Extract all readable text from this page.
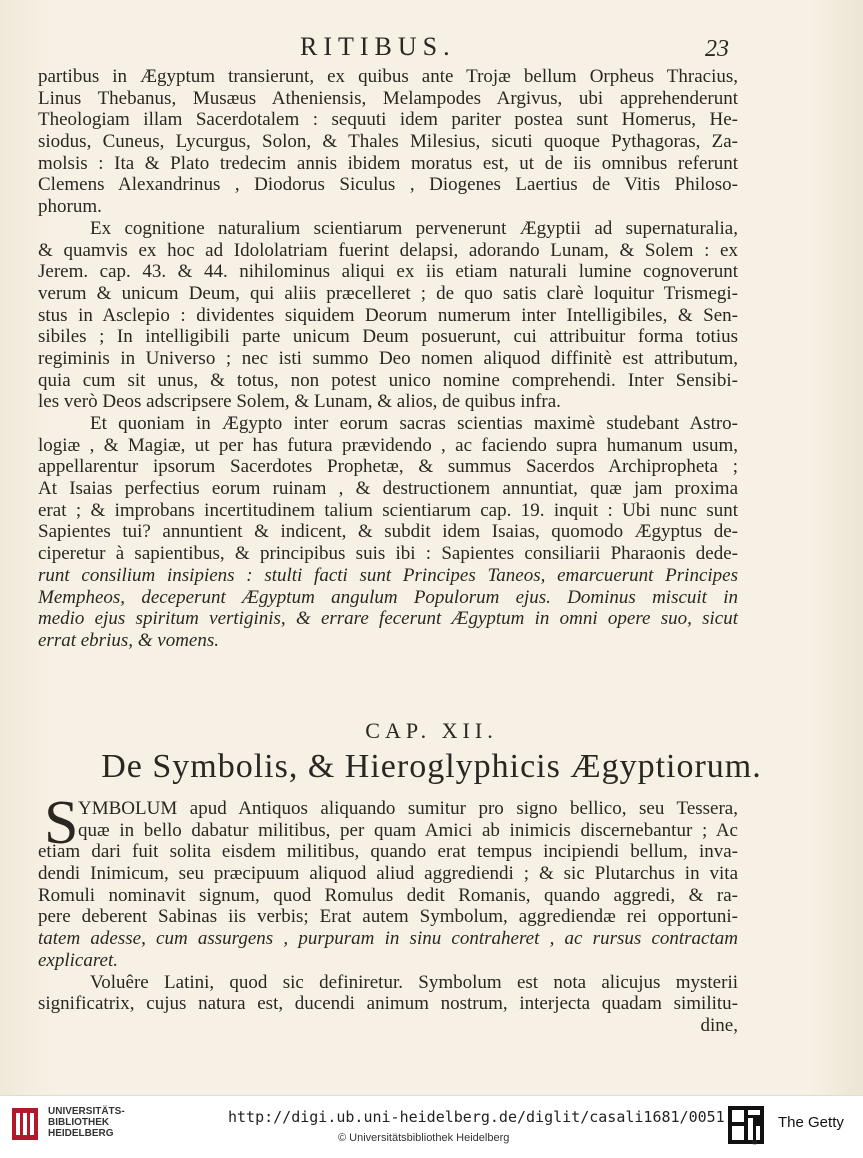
RITIBUS.	23
partibus in Ægyptum transierunt, ex quibus ante Trojæ bellum Orpheus Thracius,
Linus Thebanus, Musæus Atheniensis, Melampodes Argivus, ubi apprehenderunt
Theologiam illam Sacerdotalem : sequuti idem pariter postea sunt Homerus, He-
siodus, Cuneus, Lycurgus, Solon, & Thales Milesius, sicuti quoque Pythagoras, Za-
molsis : Ita & Plato tredecim annis ibidem moratus est, ut de iis omnibus referunt
Clemens Alexandrinus , Diodorus Siculus , Diogenes Laertius de Vitis Philoso-
phorum.
Ex cognitione naturalium scientiarum pervenerunt Ægyptii ad supernaturalia,
& quamvis ex hoc ad Idololatriam fuerint delapsi, adorando Lunam, & Solem : ex
Jerem. cap. 43. & 44. nihilominus aliqui ex iis etiam naturali lumine cognoverunt
verum & unicum Deum, qui aliis præcelleret ; de quo satis clarè loquitur Trismegi-
stus in Asclepio : dividentes siquidem Deorum numerum inter Intelligibiles, & Sen-
sibiles ; In intelligibili parte unicum Deum posuerunt, cui attribuitur forma totius
regiminis in Universo ; nec isti summo Deo nomen aliquod diffinitè est attributum,
quia cum sit unus, & totus, non potest unico nomine comprehendi. Inter Sensibi-
les verò Deos adscripsere Solem, & Lunam, & alios, de quibus infra.
Et quoniam in Ægypto inter eorum sacras scientias maximè studebant Astro-
logiæ , & Magiæ, ut per has futura prævidendo , ac faciendo supra humanum usum,
appellarentur ipsorum Sacerdotes Prophetæ, & summus Sacerdos Archipropheta ;
At Isaias perfectius eorum ruinam , & destructionem annuntiat, quæ jam proxima
erat ; & improbans incertitudinem talium scientiarum cap. 19. inquit : Ubi nunc sunt
Sapientes tui? annuntient & indicent, & subdit idem Isaias, quomodo Ægyptus de-
ciperetur à sapientibus, & principibus suis ibi : Sapientes consiliarii Pharaonis dede-
runt consilium insipiens : stulti facti sunt Principes Taneos, emarcuerunt Principes
Mempheos, deceperunt Ægyptum angulum Populorum ejus. Dominus miscuit in
medio ejus spiritum vertiginis, & errare fecerunt Ægyptum in omni opere suo, sicut
errat ebrius, & vomens.
CAP. XII.
De Symbolis, & Hieroglyphicis Ægyptiorum.
S YMBOLUM apud Antiquos aliquando sumitur pro signo bellico, seu Tessera,
quæ in bello dabatur militibus, per quam Amici ab inimicis discernebantur ; Ac
etiam dari fuit solita eisdem militibus, quando erat tempus incipiendi bellum, inva-
dendi Inimicum, seu præcipuum aliquod aliud aggrediendi ; & sic Plutarchus in vita
Romuli nominavit signum, quod Romulus dedit Romanis, quando aggredi, & ra-
pere deberent Sabinas iis verbis; Erat autem Symbolum, aggrediendæ rei opportuni-
tatem adesse, cum assurgens , purpuram in sinu contraheret , ac rursus contractam
explicaret.
Voluêre Latini, quod sic definiretur. Symbolum est nota alicujus mysterii
significatrix, cujus natura est, ducendi animum nostrum, interjecta quadam similitu-
dine,
UNIVERSITÄTS-
BIBLIOTHEK
HEIDELBERG
http://digi.ub.uni-heidelberg.de/diglit/casali1681/0051
© Universitätsbibliothek Heidelberg
The Getty
®
